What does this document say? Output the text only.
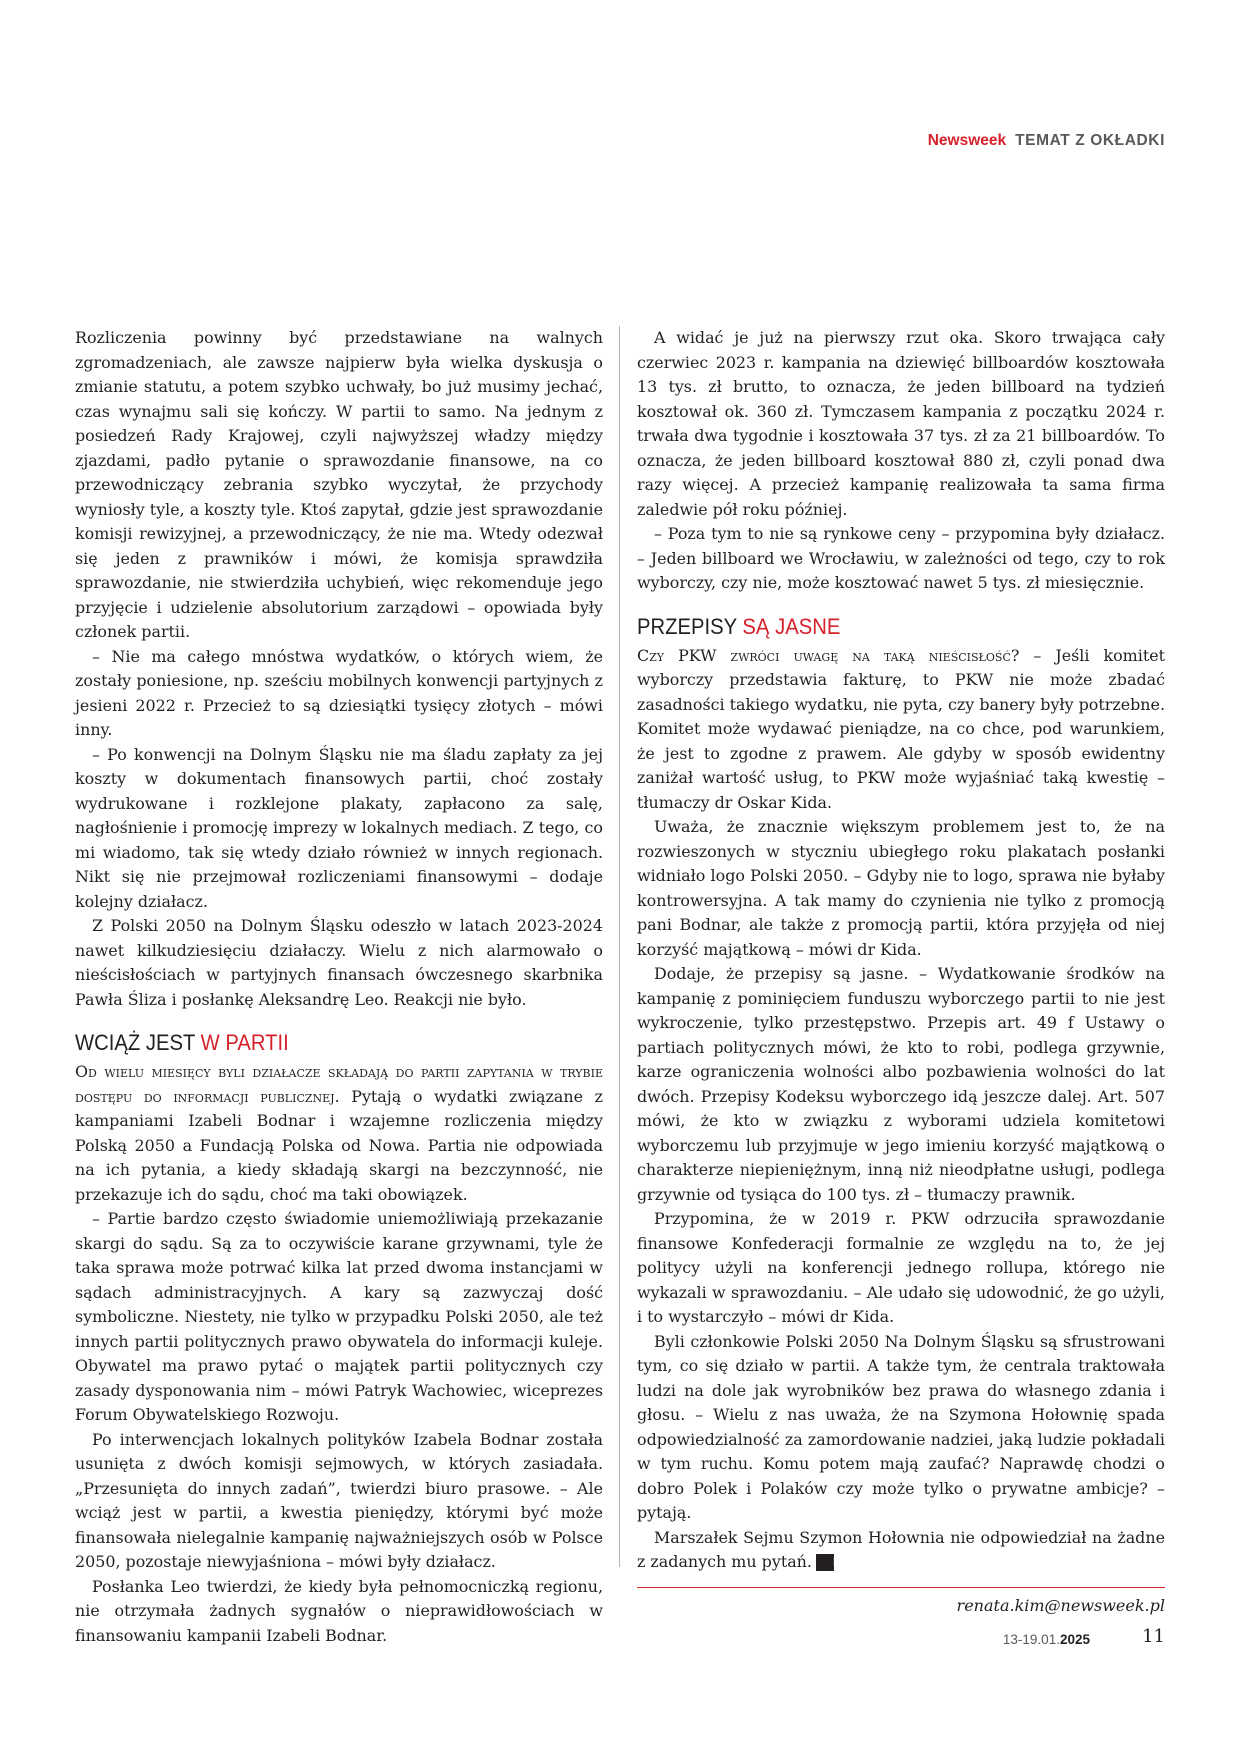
Newsweek TEMAT Z OKŁADKI

Rozliczenia powinny być przedstawiane na walnych zgromadzeniach, ale zawsze najpierw była wielka dyskusja o zmianie statutu, a potem szybko uchwały, bo już musimy jechać, czas wynajmu sali się kończy. W partii to samo. Na jednym z posiedzeń Rady Krajowej, czyli najwyższej władzy między zjazdami, padło pytanie o sprawozdanie finansowe, na co przewodniczący zebrania szybko wyczytał, że przychody wyniosły tyle, a koszty tyle. Ktoś zapytał, gdzie jest sprawozdanie komisji rewizyjnej, a przewodniczący, że nie ma. Wtedy odezwał się jeden z prawników i mówi, że komisja sprawdziła sprawozdanie, nie stwierdziła uchybień, więc rekomenduje jego przyjęcie i udzielenie absolutorium zarządowi – opowiada były członek partii.

– Nie ma całego mnóstwa wydatków, o których wiem, że zostały poniesione, np. sześciu mobilnych konwencji partyjnych z jesieni 2022 r. Przecież to są dziesiątki tysięcy złotych – mówi inny.

– Po konwencji na Dolnym Śląsku nie ma śladu zapłaty za jej koszty w dokumentach finansowych partii, choć zostały wydrukowane i rozklejone plakaty, zapłacono za salę, nagłośnienie i promocję imprezy w lokalnych mediach. Z tego, co mi wiadomo, tak się wtedy działo również w innych regionach. Nikt się nie przejmował rozliczeniami finansowymi – dodaje kolejny działacz.

Z Polski 2050 na Dolnym Śląsku odeszło w latach 2023-2024 nawet kilkudziesięciu działaczy. Wielu z nich alarmowało o nieścisłościach w partyjnych finansach ówczesnego skarbnika Pawła Śliza i posłankę Aleksandrę Leo. Reakcji nie było.

WCIĄŻ JEST W PARTII

Od wielu miesięcy byli działacze składają do partii zapytania w trybie dostępu do informacji publicznej. Pytają o wydatki związane z kampaniami Izabeli Bodnar i wzajemne rozliczenia między Polską 2050 a Fundacją Polska od Nowa. Partia nie odpowiada na ich pytania, a kiedy składają skargi na bezczynność, nie przekazuje ich do sądu, choć ma taki obowiązek.

– Partie bardzo często świadomie uniemożliwiają przekazanie skargi do sądu. Są za to oczywiście karane grzywnami, tyle że taka sprawa może potrwać kilka lat przed dwoma instancjami w sądach administracyjnych. A kary są zazwyczaj dość symboliczne. Niestety, nie tylko w przypadku Polski 2050, ale też innych partii politycznych prawo obywatela do informacji kuleje. Obywatel ma prawo pytać o majątek partii politycznych czy zasady dysponowania nim – mówi Patryk Wachowiec, wiceprezes Forum Obywatelskiego Rozwoju.

Po interwencjach lokalnych polityków Izabela Bodnar została usunięta z dwóch komisji sejmowych, w których zasiadała. „Przesunięta do innych zadań”, twierdzi biuro prasowe. – Ale wciąż jest w partii, a kwestia pieniędzy, którymi być może finansowała nielegalnie kampanię najważniejszych osób w Polsce 2050, pozostaje niewyjaśniona – mówi były działacz.

Posłanka Leo twierdzi, że kiedy była pełnomocniczką regionu, nie otrzymała żadnych sygnałów o nieprawidłowościach w finansowaniu kampanii Izabeli Bodnar.

A widać je już na pierwszy rzut oka. Skoro trwająca cały czerwiec 2023 r. kampania na dziewięć billboardów kosztowała 13 tys. zł brutto, to oznacza, że jeden billboard na tydzień kosztował ok. 360 zł. Tymczasem kampania z początku 2024 r. trwała dwa tygodnie i kosztowała 37 tys. zł za 21 billboardów. To oznacza, że jeden billboard kosztował 880 zł, czyli ponad dwa razy więcej. A przecież kampanię realizowała ta sama firma zaledwie pół roku później.

– Poza tym to nie są rynkowe ceny – przypomina były działacz. – Jeden billboard we Wrocławiu, w zależności od tego, czy to rok wyborczy, czy nie, może kosztować nawet 5 tys. zł miesięcznie.

PRZEPISY SĄ JASNE

Czy PKW zwróci uwagę na taką nieścisłość? – Jeśli komitet wyborczy przedstawia fakturę, to PKW nie może zbadać zasadności takiego wydatku, nie pyta, czy banery były potrzebne. Komitet może wydawać pieniądze, na co chce, pod warunkiem, że jest to zgodne z prawem. Ale gdyby w sposób ewidentny zaniżał wartość usług, to PKW może wyjaśniać taką kwestię – tłumaczy dr Oskar Kida.

Uważa, że znacznie większym problemem jest to, że na rozwieszonych w styczniu ubiegłego roku plakatach posłanki widniało logo Polski 2050. – Gdyby nie to logo, sprawa nie byłaby kontrowersyjna. A tak mamy do czynienia nie tylko z promocją pani Bodnar, ale także z promocją partii, która przyjęła od niej korzyść majątkową – mówi dr Kida.

Dodaje, że przepisy są jasne. – Wydatkowanie środków na kampanię z pominięciem funduszu wyborczego partii to nie jest wykroczenie, tylko przestępstwo. Przepis art. 49 f Ustawy o partiach politycznych mówi, że kto to robi, podlega grzywnie, karze ograniczenia wolności albo pozbawienia wolności do lat dwóch. Przepisy Kodeksu wyborczego idą jeszcze dalej. Art. 507 mówi, że kto w związku z wyborami udziela komitetowi wyborczemu lub przyjmuje w jego imieniu korzyść majątkową o charakterze niepieniężnym, inną niż nieodpłatne usługi, podlega grzywnie od tysiąca do 100 tys. zł – tłumaczy prawnik.

Przypomina, że w 2019 r. PKW odrzuciła sprawozdanie finansowe Konfederacji formalnie ze względu na to, że jej politycy użyli na konferencji jednego rollupa, którego nie wykazali w sprawozdaniu. – Ale udało się udowodnić, że go użyli, i to wystarczyło – mówi dr Kida.

Byli członkowie Polski 2050 Na Dolnym Śląsku są sfrustrowani tym, co się działo w partii. A także tym, że centrala traktowała ludzi na dole jak wyrobników bez prawa do własnego zdania i głosu. – Wielu z nas uważa, że na Szymona Hołownię spada odpowiedzialność za zamordowanie nadziei, jaką ludzie pokładali w tym ruchu. Komu potem mają zaufać? Naprawdę chodzi o dobro Polek i Polaków czy może tylko o prywatne ambicje? – pytają.

Marszałek Sejmu Szymon Hołownia nie odpowiedział na żadne z zadanych mu pytań. N

renata.kim@newsweek.pl
13-19.01.2025	11
